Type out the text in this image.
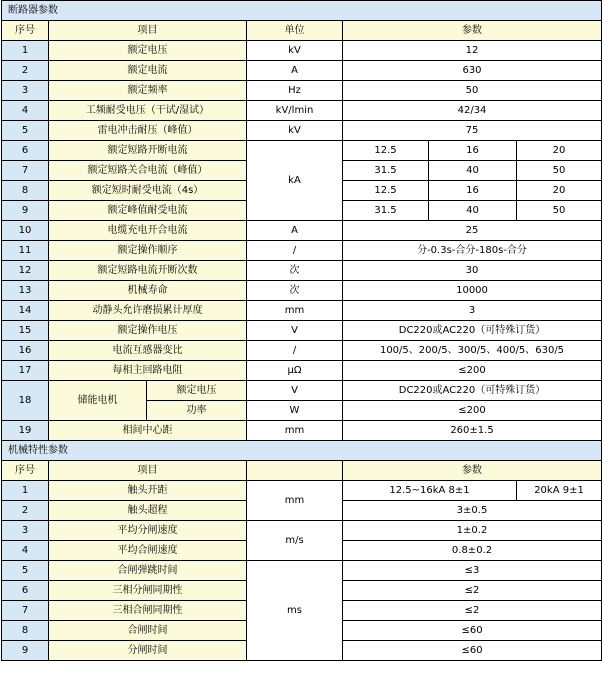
断路器参数						
序号	项目		单位	参数		
1	额定电压		kV	12		
2	额定电流		A	630		
3	额定频率		Hz	50		
4	工频耐受电压（干试/湿试）		kV/lmin	42/34		
5	雷电冲击耐压（峰值）		kV	75		
6	额定短路开断电流		kA	12.5	16	20
7	额定短路关合电流（峰值）			31.5	40	50
8	额定短时耐受电流（4s）			12.5	16	20
9	额定峰值耐受电流			31.5	40	50
10	电缆充电开合电流		A	25		
11	额定操作顺序		/	分-0.3s-合分-180s-合分		
12	额定短路电流开断次数		次	30		
13	机械寿命		次	10000		
14	动静头允许磨损累计厚度		mm	3		
15	额定操作电压		V	DC220或AC220（可特殊订货）		
16	电流互感器变比		/	100/5、200/5、300/5、400/5、630/5		
17	每相主回路电阻		μΩ	≤200		
18	储能电机	额定电压	V	DC220或AC220（可特殊订货）		
		功率	W	≤200		
19	相间中心距		mm	260±1.5		
机械特性参数						
序号	项目			参数		
1	触头开距		mm	12.5~16kA 8±1		20kA 9±1
2	触头超程			3±0.5		
3	平均分闸速度		m/s	1±0.2		
4	平均合闸速度			0.8±0.2		
5	合闸弹跳时间		ms	≤3		
6	三相分闸同期性			≤2		
7	三相合闸同期性			≤2		
8	合闸时间			≤60		
9	分闸时间			≤60		
